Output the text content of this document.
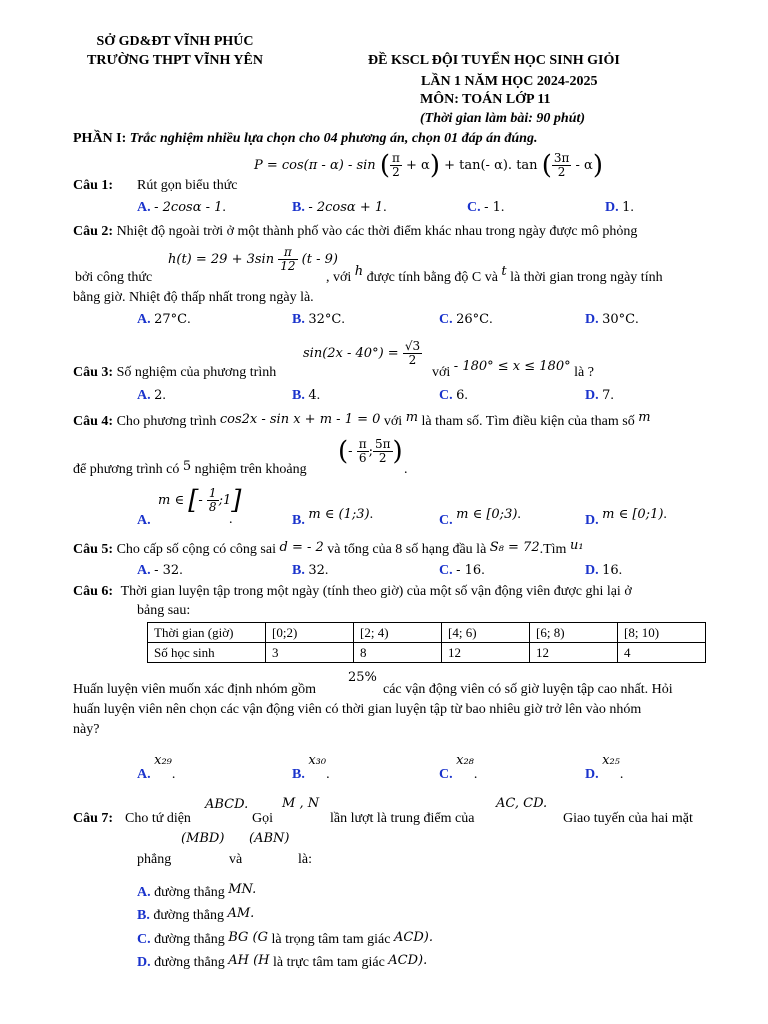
SỞ GD&ĐT VĨNH PHÚC
TRƯỜNG THPT VĨNH YÊN	ĐỀ KSCL ĐỘI TUYỂN HỌC SINH GIỎI
LẦN 1 NĂM HỌC 2024-2025
MÔN: TOÁN LỚP 11
(Thời gian làm bài: 90 phút)
PHẦN I: Trắc nghiệm nhiều lựa chọn cho 04 phương án, chọn 01 đáp án đúng.
P = cos(π - α) - sin ( $\frac{\pi}{2} + \alpha) + \tan(-$ α). tan ( $\frac{3\pi}{2} - \alpha$)
Câu 1: Rút gọn biểu thức
A. - 2cosα - 1.	B. - 2cosα + 1.	C. - 1.	D. 1.
Câu 2: Nhiệt độ ngoài trời ở một thành phố vào các thời điểm khác nhau trong ngày được mô phỏng
$h(t) = 29 + 3\sin \frac{\pi}{12} (t - 9)$
bởi công thức	, với h được tính bằng độ C và t là thời gian trong ngày tính
bằng giờ. Nhiệt độ thấp nhất trong ngày là.
A. 27°C.	B. 32°C.	C. 26°C.	D. 30°C.
$\sin(2x - 40^\circ) = \frac{√3}{2}$
Câu 3: Số nghiệm của phương trình	với - 180° ≤ x ≤ 180° là ?
A. 2.	B. 4.	C. 6.	D. 7.
Câu 4: Cho phương trình cos2x - sin x + m - 1 = 0 với m là tham số. Tìm điều kiện của tham số m
(- $\frac{\pi}{6}$ ; $\frac{5\pi}{2}$ )
để phương trình có 5 nghiệm trên khoảng	.
m ∈ [- $\frac{1}{8}$ ;1]
A.	.	B. m ∈ (1;3).	C. m ∈ [0;3).	D. m ∈ [0;1).
Câu 5: Cho cấp số cộng có công sai d = - 2 và tổng của 8 số hạng đầu là S₈ = 72.Tìm u₁
A. - 32.	B. 32.	C. - 16.	D. 16.
Câu 6: Thời gian luyện tập trong một ngày (tính theo giờ) của một số vận động viên được ghi lại ở
bảng sau:
Thời gian (giờ)	[0;2)	[2; 4)	[4; 6)	[6; 8)	[8; 10)
Số học sinh	3	8	12	12	4
25%
Huấn luyện viên muốn xác định nhóm gồm	các vận động viên có số giờ luyện tập cao nhất. Hỏi
huấn luyện viên nên chọn các vận động viên có thời gian luyện tập từ bao nhiêu giờ trở lên vào nhóm
này?
A. x₂₉.	B. x₃₀.	C. x₂₈.	D. x₂₅.
ABCD.	M , N	AC, CD.
Câu 7: Cho tứ diện	Gọi	lần lượt là trung điểm của	Giao tuyến của hai mặt
(MBD) (ABN)
phẳng	và	là:
A. đường thẳng MN.
B. đường thẳng AM.
C. đường thẳng BG (G là trọng tâm tam giác ACD).
D. đường thẳng AH (H là trực tâm tam giác ACD).
